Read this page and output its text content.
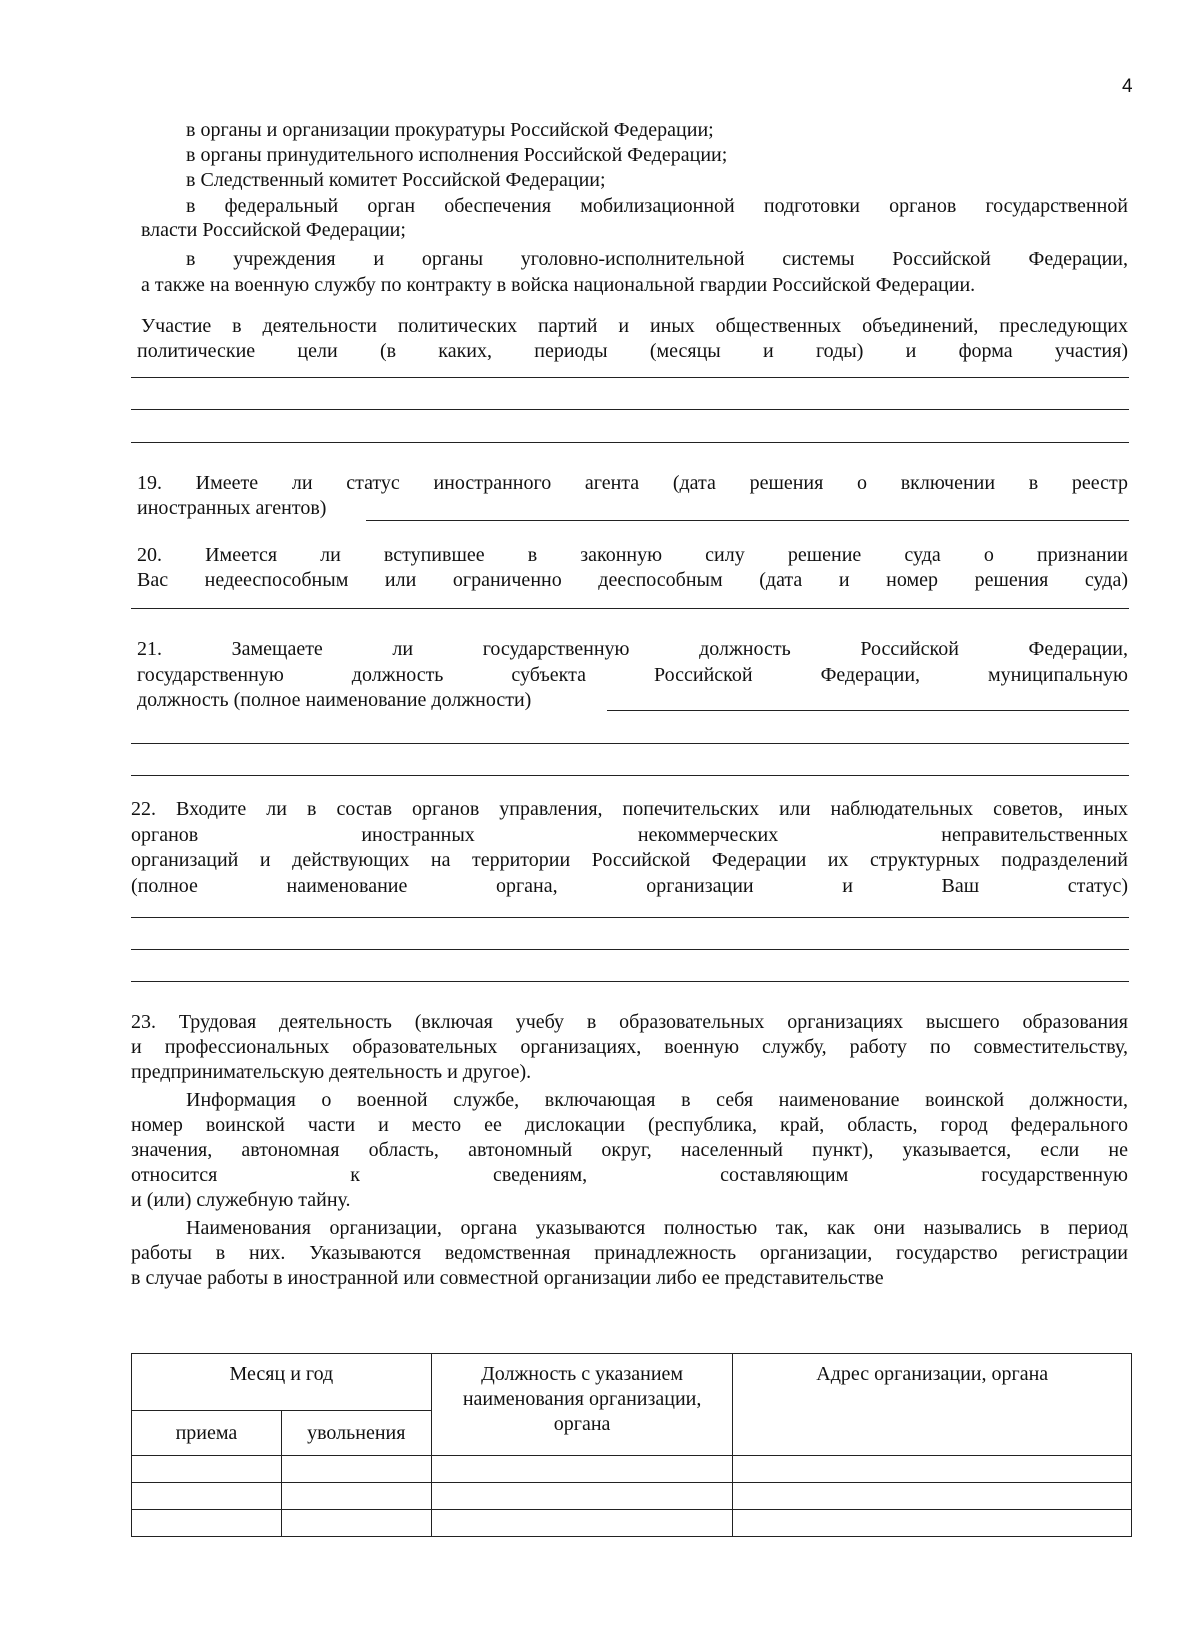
4
в органы и организации прокуратуры Российской Федерации;
в органы принудительного исполнения Российской Федерации;
в Следственный комитет Российской Федерации;
в федеральный орган обеспечения мобилизационной подготовки органов государственной
власти Российской Федерации;
в учреждения и органы уголовно-исполнительной системы Российской Федерации,
а также на военную службу по контракту в войска национальной гвардии Российской Федерации.
Участие в деятельности политических партий и иных общественных объединений, преследующих
политические цели (в каких, периоды (месяцы и годы) и форма участия)
19. Имеете ли статус иностранного агента (дата решения о включении в реестр
иностранных агентов)
20. Имеется ли вступившее в законную силу решение суда о признании
Вас недееспособным или ограниченно дееспособным (дата и номер решения суда)
21. Замещаете ли государственную должность Российской Федерации,
государственную должность субъекта Российской Федерации, муниципальную
должность (полное наименование должности)
22. Входите ли в состав органов управления, попечительских или наблюдательных советов, иных
органов иностранных некоммерческих неправительственных
организаций и действующих на территории Российской Федерации их структурных подразделений
(полное наименование органа, организации и Ваш статус)
23. Трудовая деятельность (включая учебу в образовательных организациях высшего образования
и профессиональных образовательных организациях, военную службу, работу по совместительству,
предпринимательскую деятельность и другое).
Информация о военной службе, включающая в себя наименование воинской должности,
номер воинской части и место ее дислокации (республика, край, область, город федерального
значения, автономная область, автономный округ, населенный пункт), указывается, если не
относится к сведениям, составляющим государственную
и (или) служебную тайну.
Наименования организации, органа указываются полностью так, как они назывались в период
работы в них. Указываются ведомственная принадлежность организации, государство регистрации
в случае работы в иностранной или совместной организации либо ее представительстве
Месяц и год		Должность с указанием
наименования организации,
органа	Адрес организации, органа

приема	увольнения		
